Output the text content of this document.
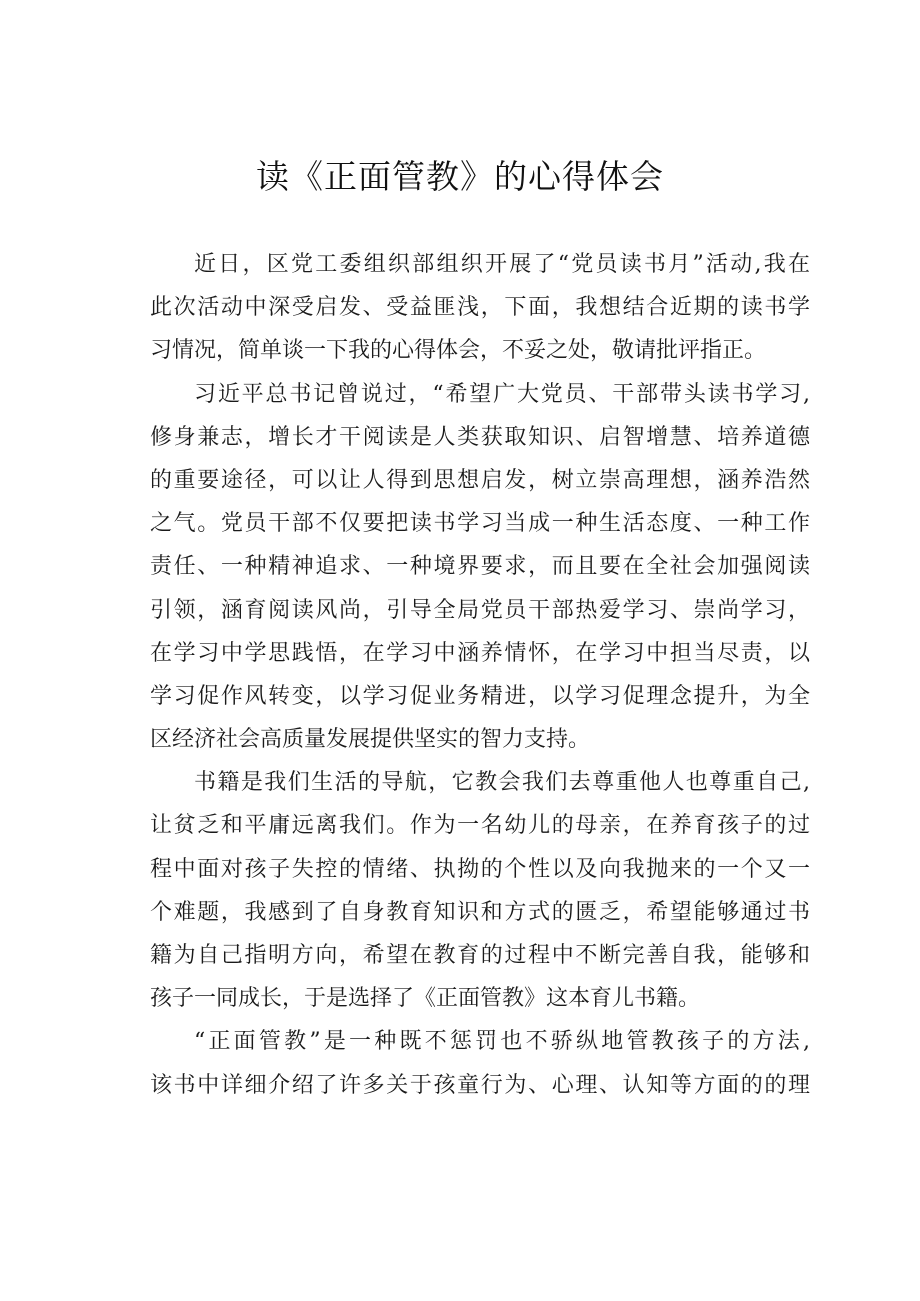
读《正面管教》的心得体会

近日，区党工委组织部组织开展了“党员读书月”活动,我在
此次活动中深受启发、受益匪浅，下面，我想结合近期的读书学
习情况，简单谈一下我的心得体会，不妥之处，敬请批评指正。

习近平总书记曾说过，“希望广大党员、干部带头读书学习,
修身兼志，增长才干阅读是人类获取知识、启智增慧、培养道德
的重要途径，可以让人得到思想启发，树立崇高理想，涵养浩然
之气。党员干部不仅要把读书学习当成一种生活态度、一种工作
责任、一种精神追求、一种境界要求，而且要在全社会加强阅读
引领，涵育阅读风尚，引导全局党员干部热爱学习、崇尚学习，
在学习中学思践悟，在学习中涵养情怀，在学习中担当尽责，以
学习促作风转变，以学习促业务精进，以学习促理念提升，为全
区经济社会高质量发展提供坚实的智力支持。

书籍是我们生活的导航，它教会我们去尊重他人也尊重自己,
让贫乏和平庸远离我们。作为一名幼儿的母亲，在养育孩子的过
程中面对孩子失控的情绪、执拗的个性以及向我抛来的一个又一
个难题，我感到了自身教育知识和方式的匮乏，希望能够通过书
籍为自己指明方向，希望在教育的过程中不断完善自我，能够和
孩子一同成长，于是选择了《正面管教》这本育儿书籍。

“正面管教”是一种既不惩罚也不骄纵地管教孩子的方法,
该书中详细介绍了许多关于孩童行为、心理、认知等方面的的理
